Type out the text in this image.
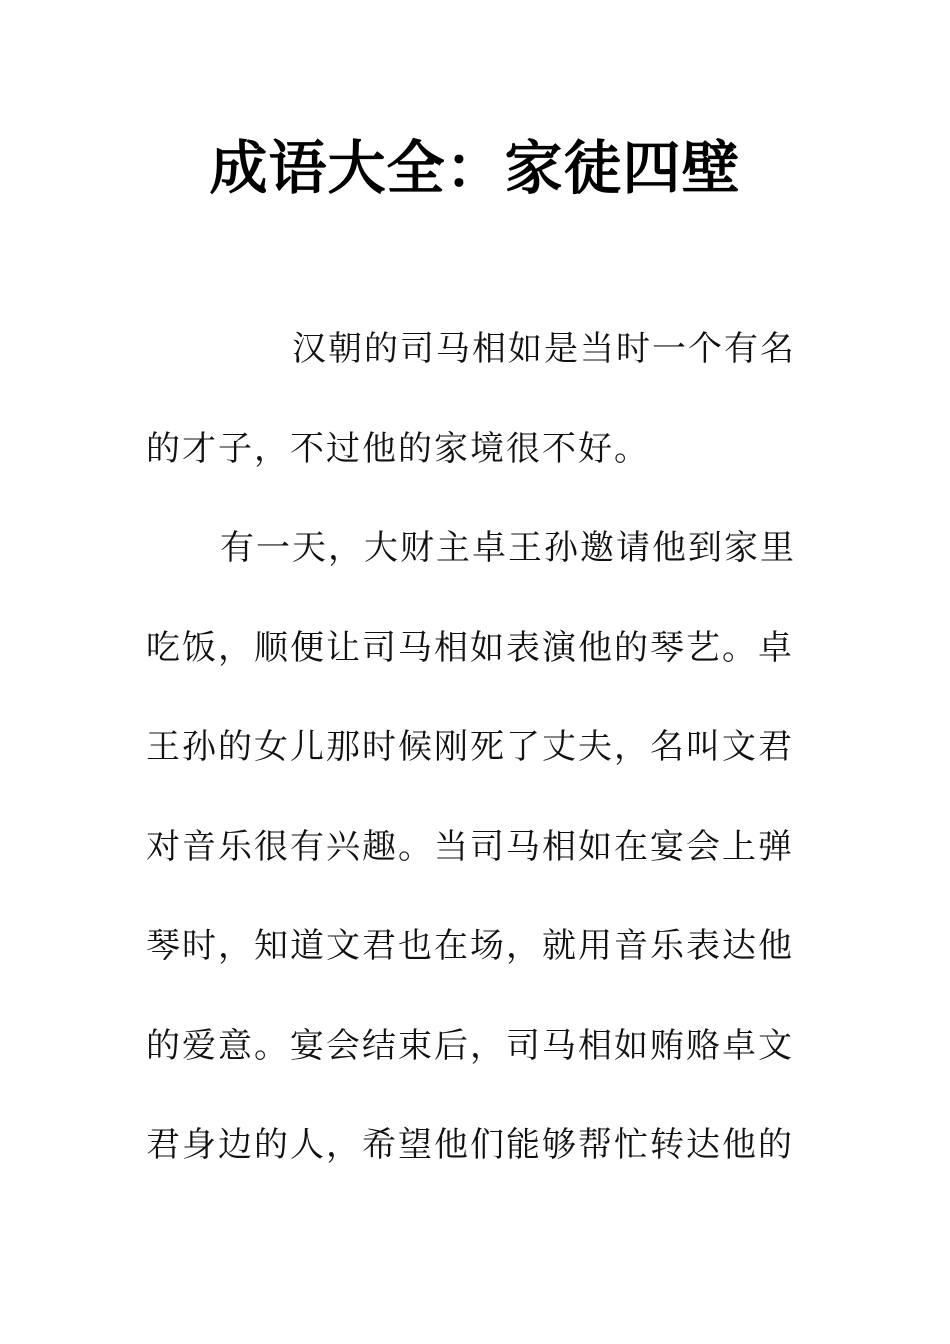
成语大全：家徒四壁

汉朝的司马相如是当时一个有名的才子，不过他的家境很不好。

有一天，大财主卓王孙邀请他到家里吃饭，顺便让司马相如表演他的琴艺。卓王孙的女儿那时候刚死了丈夫，名叫文君对音乐很有兴趣。当司马相如在宴会上弹琴时，知道文君也在场，就用音乐表达他的爱意。宴会结束后，司马相如贿赂卓文君身边的人，希望他们能够帮忙转达他的
